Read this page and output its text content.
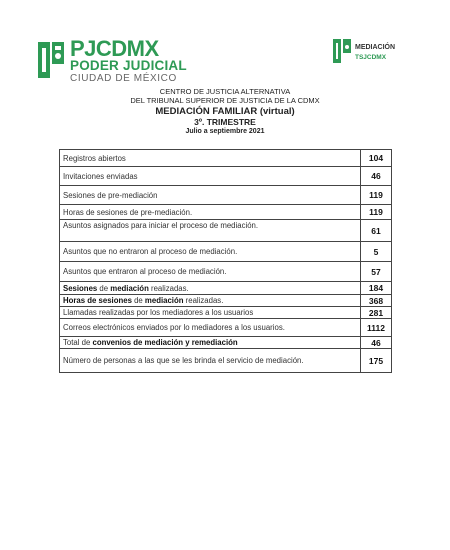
PJCDMX
PODER JUDICIAL
CIUDAD DE MÉXICO
MEDIACIÓN
TSJCDMX
CENTRO DE JUSTICIA ALTERNATIVA
DEL TRIBUNAL SUPERIOR DE JUSTICIA DE LA CDMX
MEDIACIÓN FAMILIAR (virtual)
3º. TRIMESTRE
Julio a septiembre 2021
Registros abiertos	104
Invitaciones enviadas	46
Sesiones de pre-mediación	119
Horas de sesiones de pre-mediación.	119
Asuntos asignados para iniciar el proceso de mediación.	61
Asuntos que no entraron al proceso de mediación.	5
Asuntos que entraron al proceso de mediación.	57
Sesiones de mediación realizadas.	184
Horas de sesiones de mediación realizadas.	368
Llamadas realizadas por los mediadores a los usuarios	281
Correos electrónicos enviados por lo mediadores a los usuarios.	1112
Total de convenios de mediación y remediación	46
Número de personas a las que se les brinda el servicio de mediación.	175
